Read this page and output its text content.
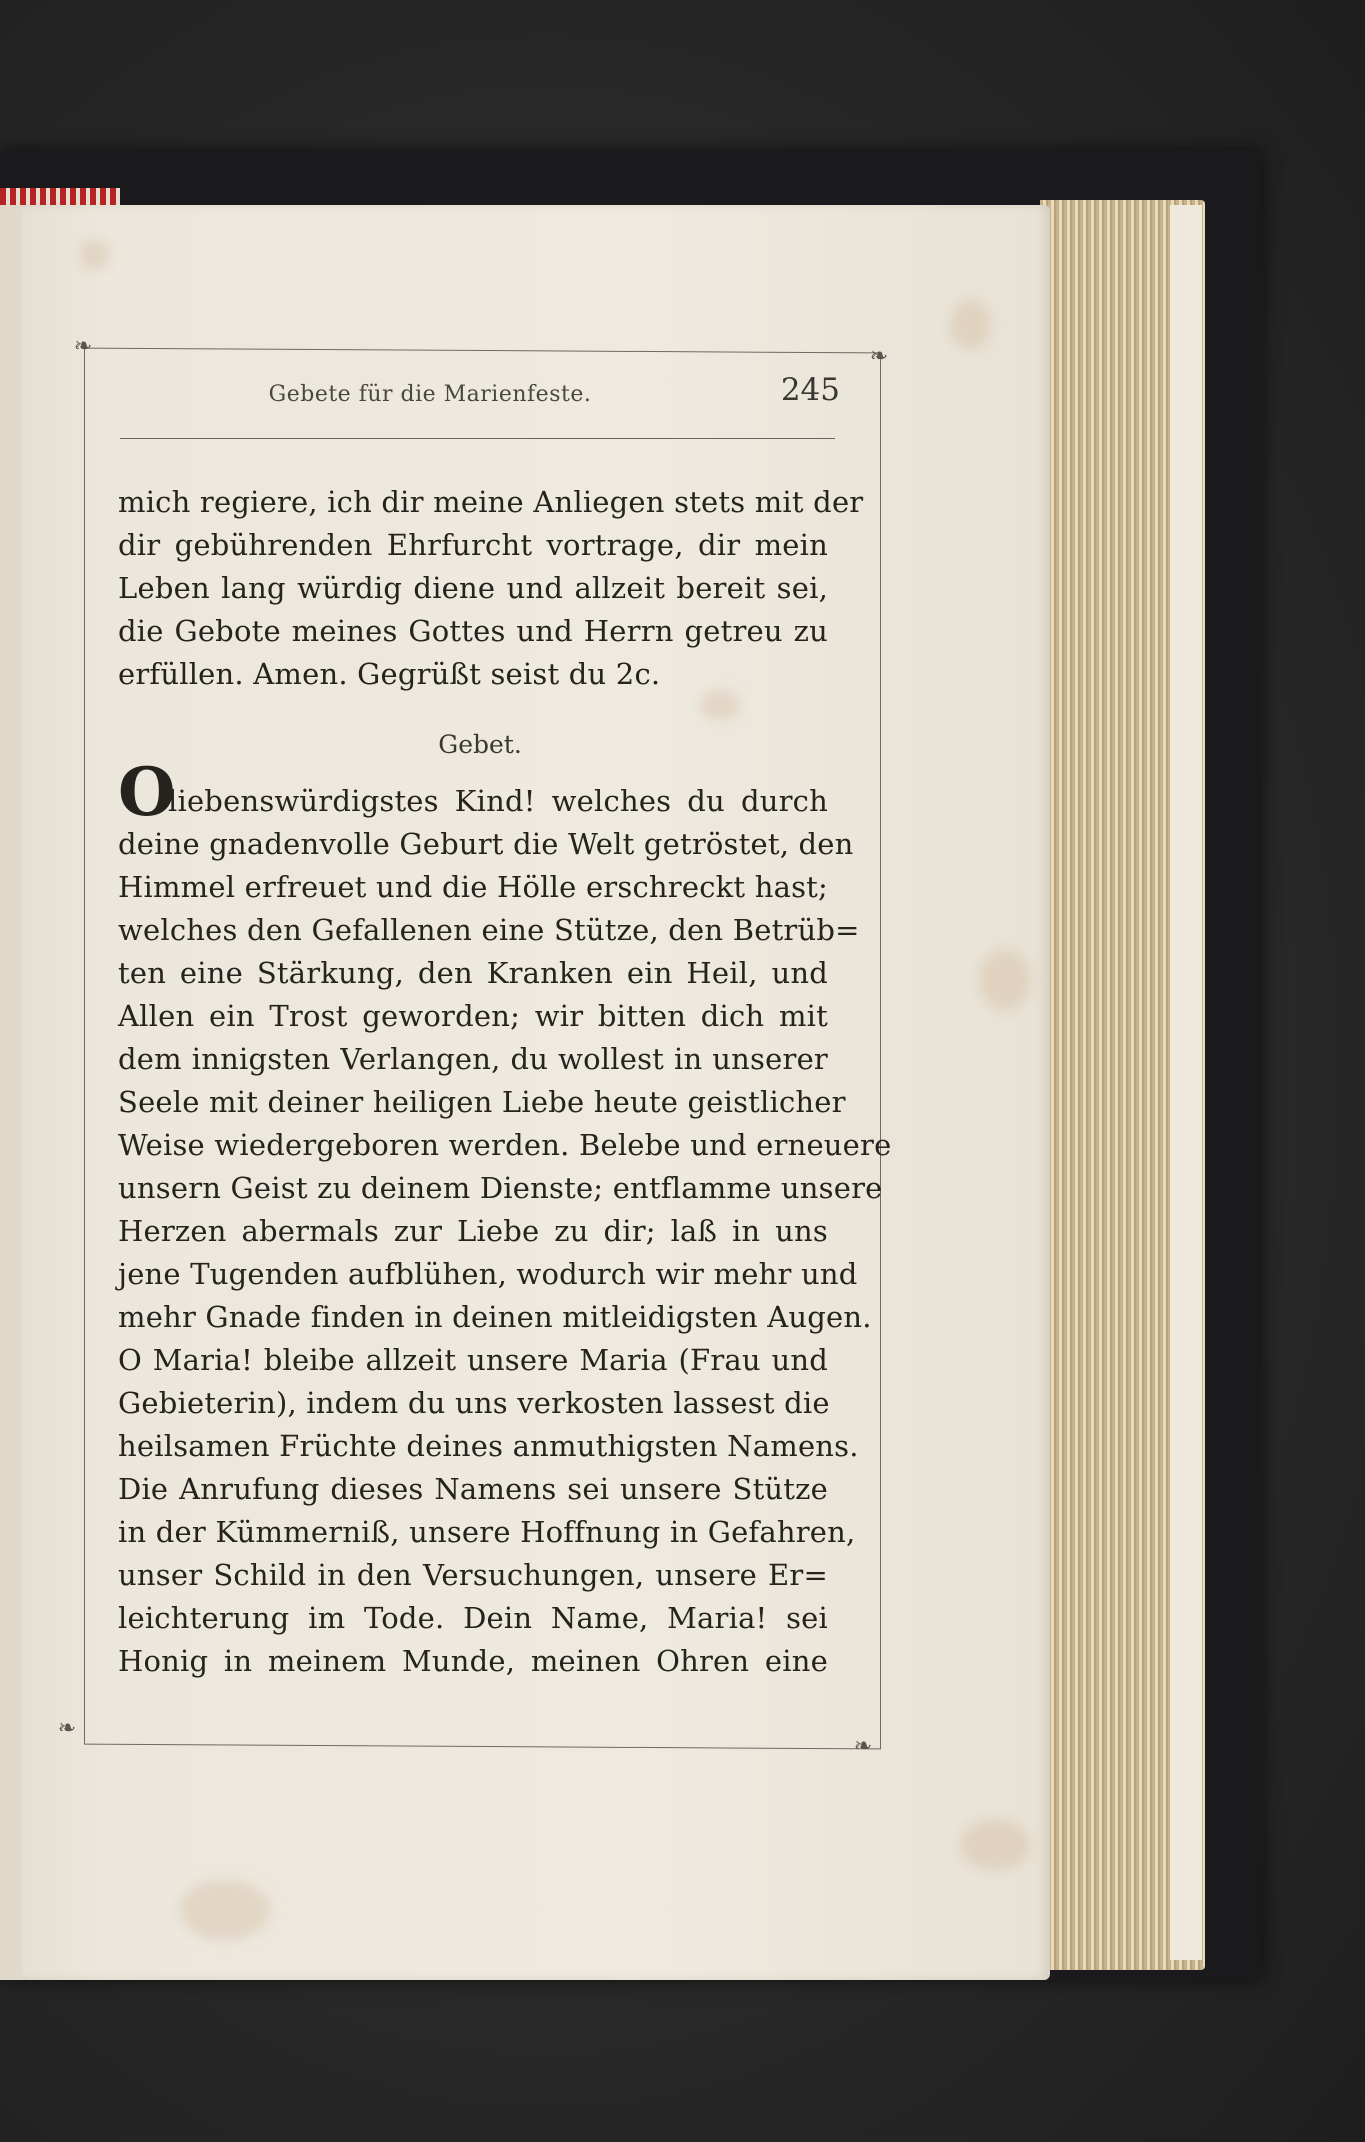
❧	❧
❧
❧
Gebete für die Marienfeste.	245
mich regiere, ich dir meine Anliegen stets mit der
dir gebührenden Ehrfurcht vortrage, dir mein
Leben lang würdig diene und allzeit bereit sei,
die Gebote meines Gottes und Herrn getreu zu
erfüllen. Amen. Gegrüßt seist du 2c.
Gebet.
O
liebenswürdigstes Kind! welches du durch
deine gnadenvolle Geburt die Welt getröstet, den
Himmel erfreuet und die Hölle erschreckt hast;
welches den Gefallenen eine Stütze, den Betrüb=
ten eine Stärkung, den Kranken ein Heil, und
Allen ein Trost geworden; wir bitten dich mit
dem innigsten Verlangen, du wollest in unserer
Seele mit deiner heiligen Liebe heute geistlicher
Weise wiedergeboren werden. Belebe und erneuere
unsern Geist zu deinem Dienste; entflamme unsere
Herzen abermals zur Liebe zu dir; laß in uns
jene Tugenden aufblühen, wodurch wir mehr und
mehr Gnade finden in deinen mitleidigsten Augen.
O Maria! bleibe allzeit unsere Maria (Frau und
Gebieterin), indem du uns verkosten lassest die
heilsamen Früchte deines anmuthigsten Namens.
Die Anrufung dieses Namens sei unsere Stütze
in der Kümmerniß, unsere Hoffnung in Gefahren,
unser Schild in den Versuchungen, unsere Er=
leichterung im Tode. Dein Name, Maria! sei
Honig in meinem Munde, meinen Ohren eine
